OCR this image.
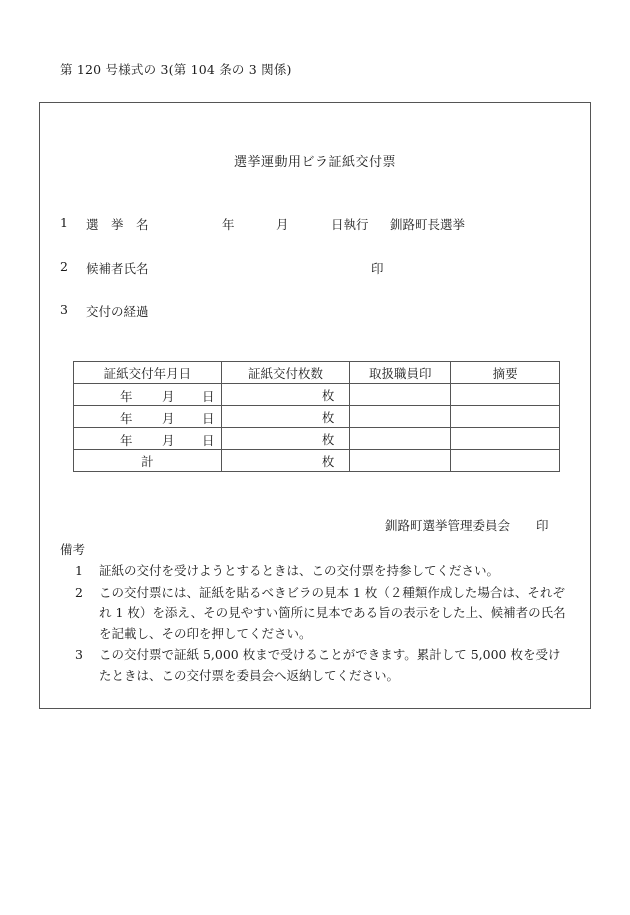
第 120 号様式の 3(第 104 条の 3 関係)
選挙運動用ビラ証紙交付票
1 選　挙　名	年	月	日執行 釧路町長選挙
2 候補者氏名	印
3 交付の経過
証紙交付年月日	証紙交付枚数	取扱職員印	摘要

年 月 日	枚		

年 月 日	枚		

年 月 日	枚		
計	枚		
釧路町選挙管理委員会 印
備考
1 証紙の交付を受けようとするときは、この交付票を持参してください。
2 この交付票には、証紙を貼るべきビラの見本 1 枚（２種類作成した場合は、それぞれ 1 枚）を添え、その見やすい箇所に見本である旨の表示をした上、候補者の氏名を記載し、その印を押してください。
3 この交付票で証紙 5,000 枚まで受けることができます。累計して 5,000 枚を受けたときは、この交付票を委員会へ返納してください。
